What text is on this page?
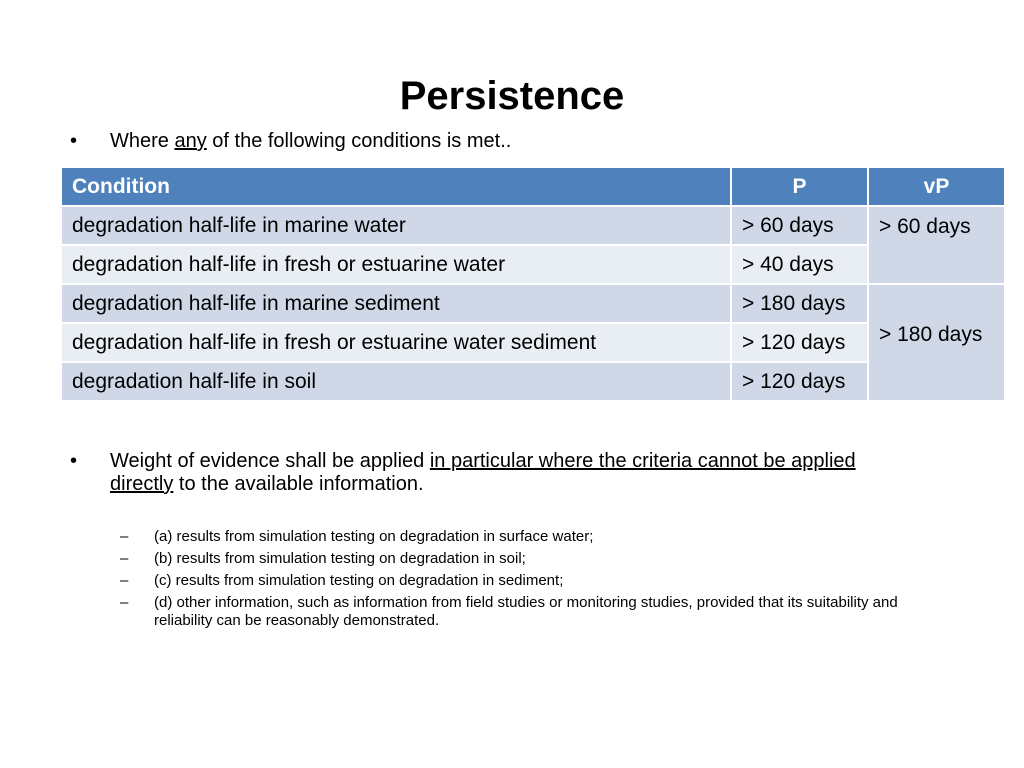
Persistence
•	Where any of the following conditions is met..
Condition	P	vP
degradation half-life in marine water	> 60 days	> 60 days
degradation half-life in fresh or estuarine water	> 40 days	
degradation half-life in marine sediment	> 180 days	> 180 days
degradation half-life in fresh or estuarine water sediment	> 120 days	
degradation half-life in soil	> 120 days	
•	Weight of evidence shall be applied in particular where the criteria cannot be applied
directly to the available information.
–	(a) results from simulation testing on degradation in surface water;
–	(b) results from simulation testing on degradation in soil;
–	(c) results from simulation testing on degradation in sediment;
–	(d) other information, such as information from field studies or monitoring studies, provided that its suitability and reliability can be reasonably demonstrated.
